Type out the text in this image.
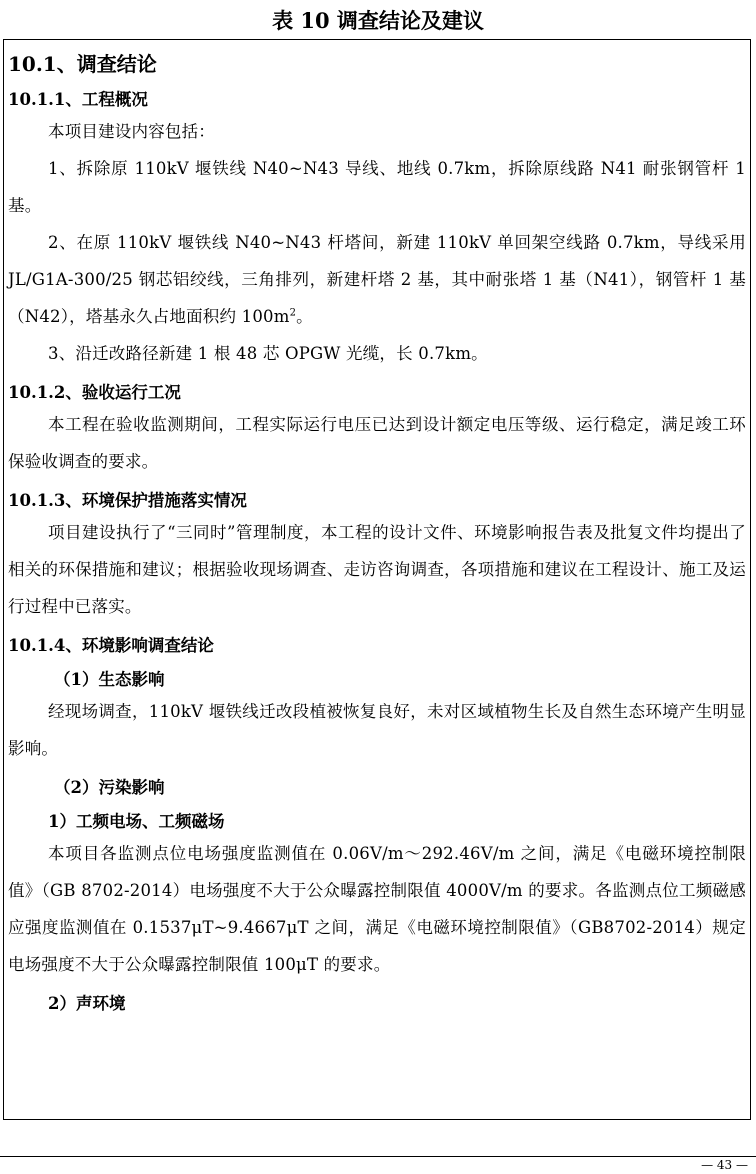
表 10 调查结论及建议
10.1、调查结论
10.1.1、工程概况
本项目建设内容包括：
1、拆除原 110kV 堰铁线 N40~N43 导线、地线 0.7km，拆除原线路 N41 耐张钢管杆 1 基。
2、在原 110kV 堰铁线 N40~N43 杆塔间，新建 110kV 单回架空线路 0.7km，导线采用 JL/G1A-300/25 钢芯铝绞线，三角排列，新建杆塔 2 基，其中耐张塔 1 基（N41），钢管杆 1 基（N42），塔基永久占地面积约 $100m^2$。
3、沿迁改路径新建 1 根 48 芯 OPGW 光缆，长 0.7km。
10.1.2、验收运行工况
本工程在验收监测期间，工程实际运行电压已达到设计额定电压等级、运行稳定，满足竣工环保验收调查的要求。
10.1.3、环境保护措施落实情况
项目建设执行了“三同时”管理制度，本工程的设计文件、环境影响报告表及批复文件均提出了相关的环保措施和建议；根据验收现场调查、走访咨询调查，各项措施和建议在工程设计、施工及运行过程中已落实。
10.1.4、环境影响调查结论
（1）生态影响
经现场调查，110kV 堰铁线迁改段植被恢复良好，未对区域植物生长及自然生态环境产生明显影响。
（2）污染影响
1）工频电场、工频磁场
本项目各监测点位电场强度监测值在 0.06V/m～292.46V/m 之间，满足《电磁环境控制限值》（GB 8702-2014）电场强度不大于公众曝露控制限值 4000V/m 的要求。各监测点位工频磁感应强度监测值在 0.1537μT~9.4667μT 之间，满足《电磁环境控制限值》（GB8702-2014）规定电场强度不大于公众曝露控制限值 100μT 的要求。
2）声环境
— 43 —
